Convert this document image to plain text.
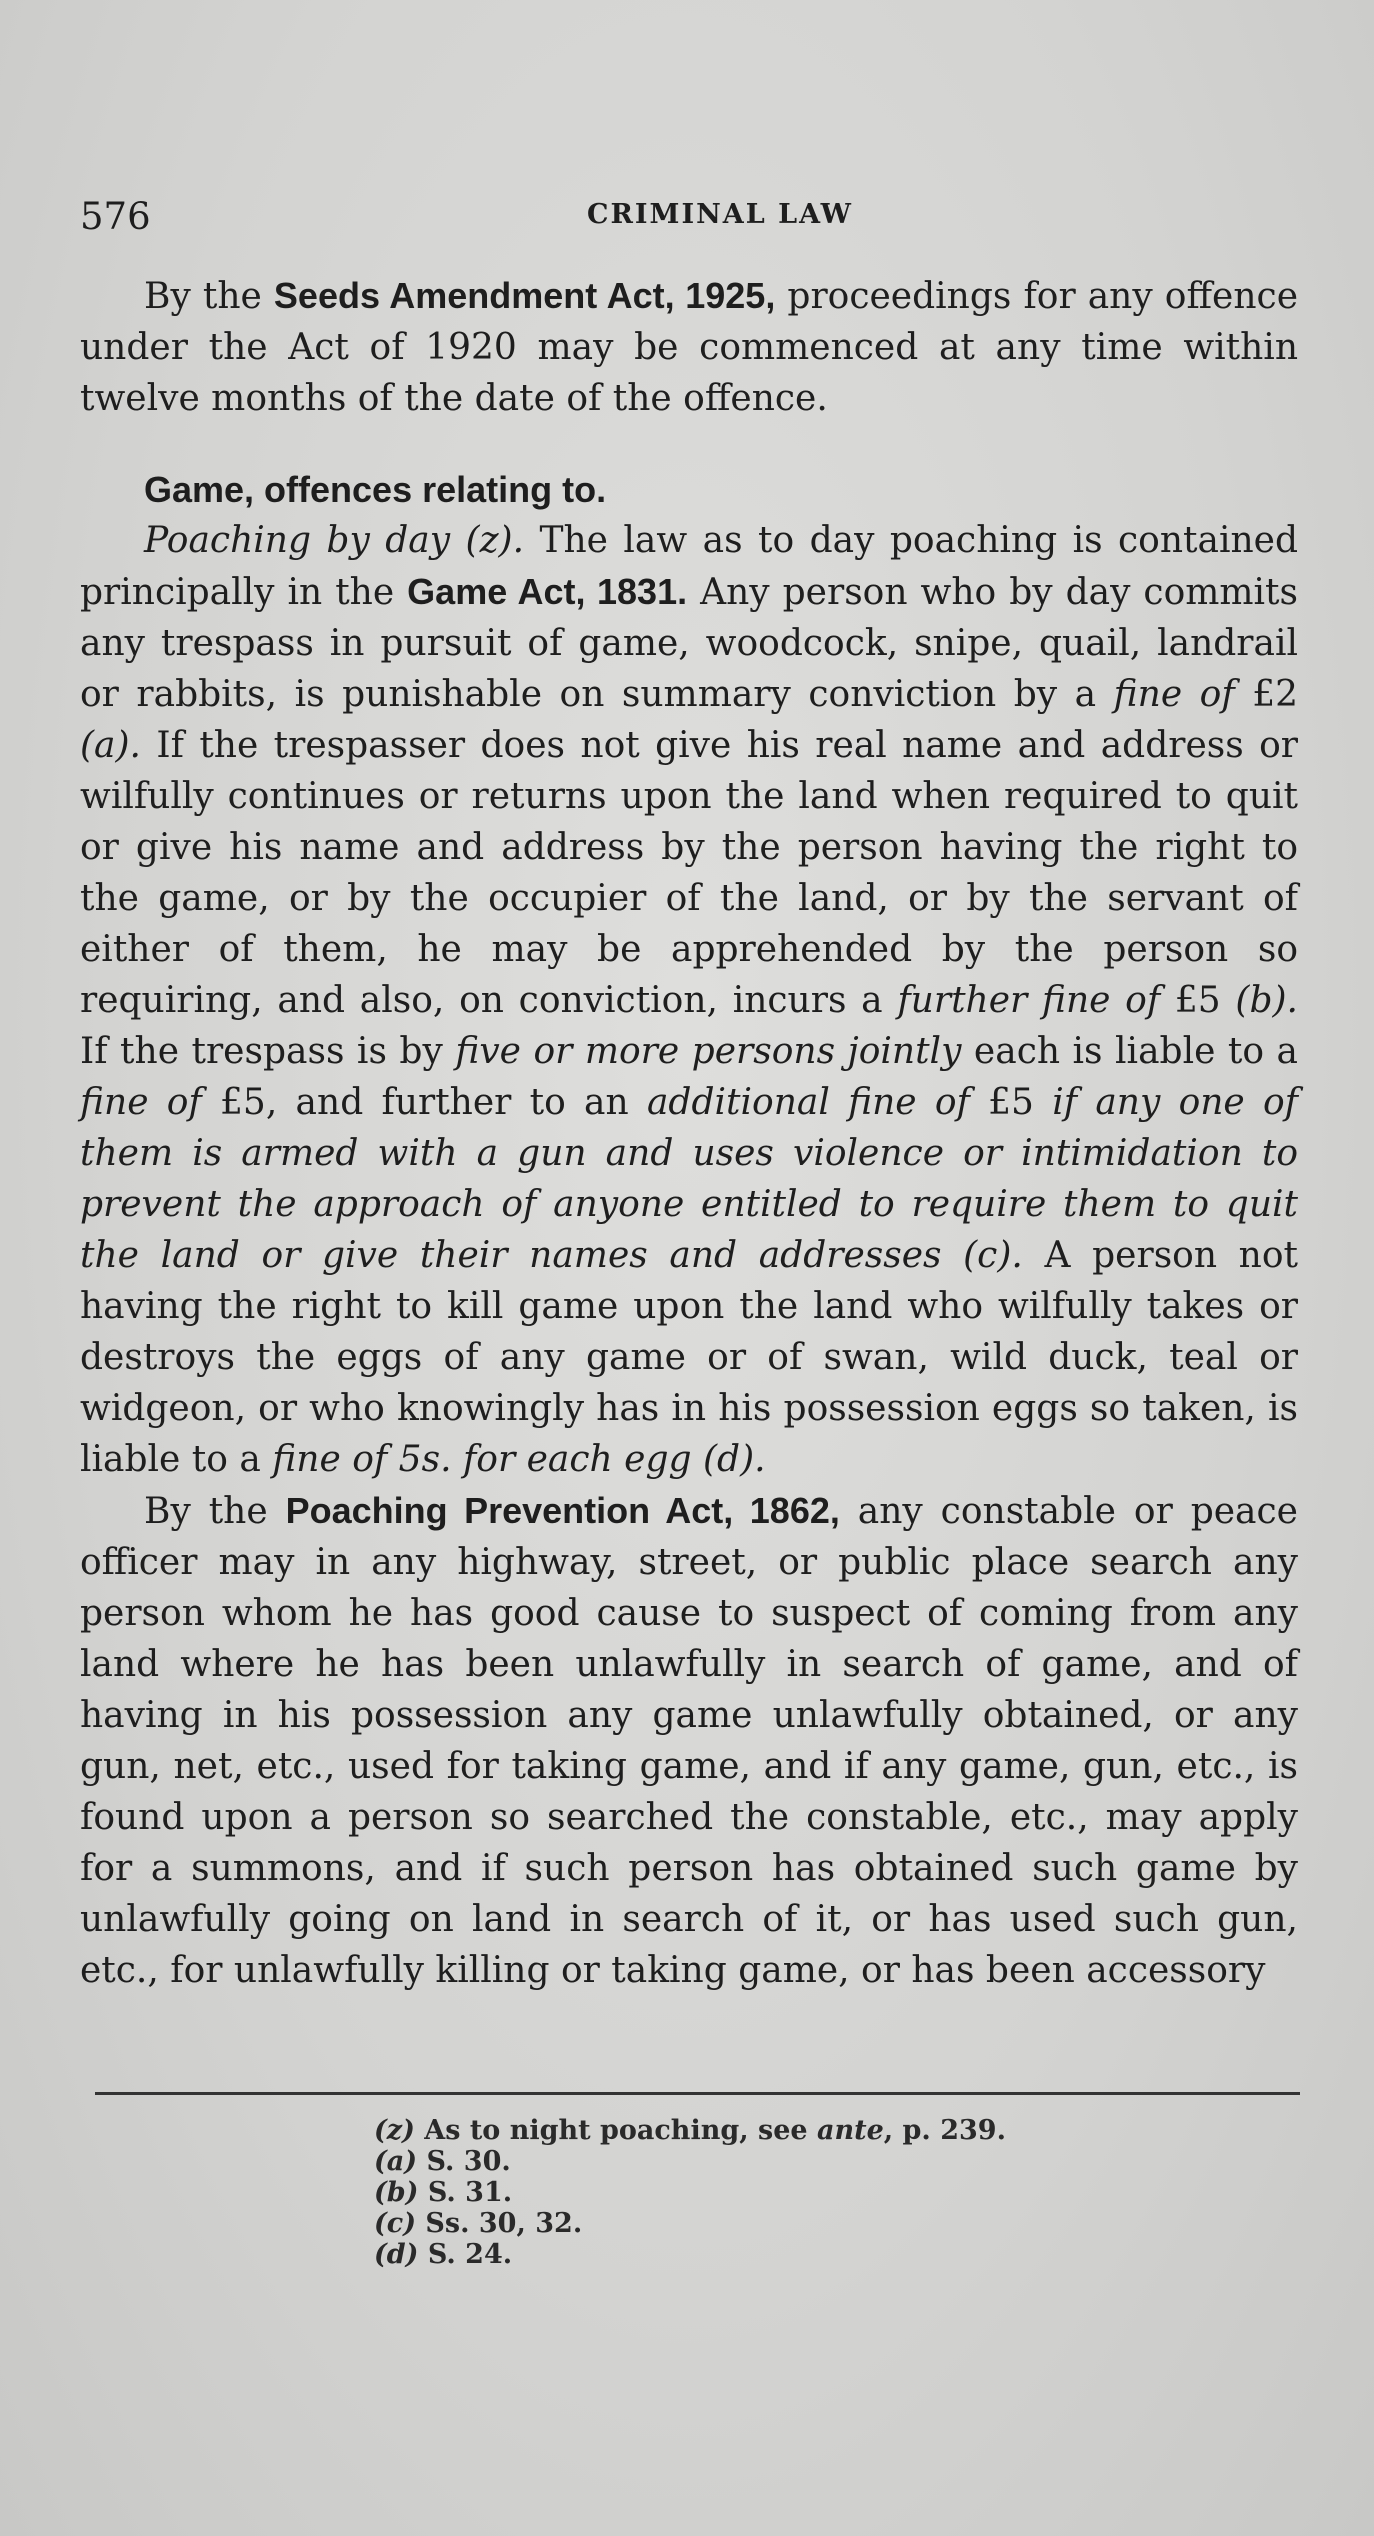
576	CRIMINAL LAW

By the Seeds Amendment Act, 1925, proceedings for any offence under the Act of 1920 may be commenced at any time within twelve months of the date of the offence.

Game, offences relating to.

Poaching by day (z). The law as to day poaching is contained principally in the Game Act, 1831. Any person who by day commits any trespass in pursuit of game, woodcock, snipe, quail, landrail or rabbits, is punishable on summary conviction by a fine of £2 (a). If the trespasser does not give his real name and address or wilfully continues or returns upon the land when required to quit or give his name and address by the person having the right to the game, or by the occupier of the land, or by the servant of either of them, he may be apprehended by the person so requiring, and also, on conviction, incurs a further fine of £5 (b). If the trespass is by five or more persons jointly each is liable to a fine of £5, and further to an additional fine of £5 if any one of them is armed with a gun and uses violence or intimidation to prevent the approach of anyone entitled to require them to quit the land or give their names and addresses (c). A person not having the right to kill game upon the land who wilfully takes or destroys the eggs of any game or of swan, wild duck, teal or widgeon, or who knowingly has in his possession eggs so taken, is liable to a fine of 5s. for each egg (d).

By the Poaching Prevention Act, 1862, any constable or peace officer may in any highway, street, or public place search any person whom he has good cause to suspect of coming from any land where he has been unlawfully in search of game, and of having in his possession any game unlawfully obtained, or any gun, net, etc., used for taking game, and if any game, gun, etc., is found upon a person so searched the constable, etc., may apply for a summons, and if such person has obtained such game by unlawfully going on land in search of it, or has used such gun, etc., for unlawfully killing or taking game, or has been accessory

(z) As to night poaching, see ante, p. 239.
(a) S. 30.
(b) S. 31.
(c) Ss. 30, 32.
(d) S. 24.
